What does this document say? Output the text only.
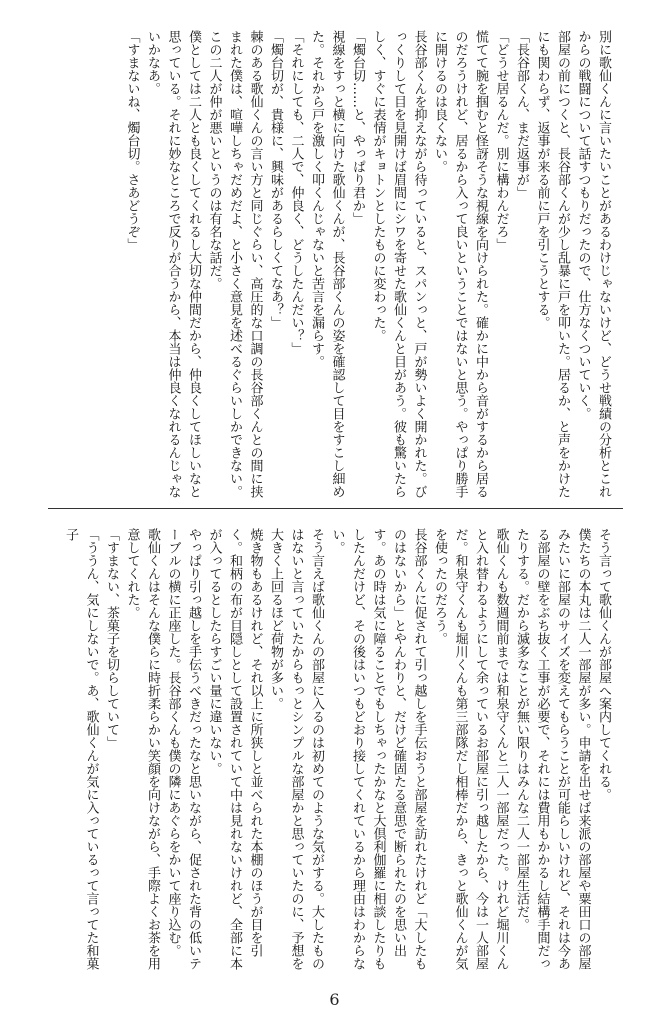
別に歌仙くんに言いたいことがあるわけじゃないけど、どうせ戦績の分析とこれからの戦闘について話すつもりだったので、仕方なくついていく。
部屋の前につくと、長谷部くんが少し乱暴に戸を叩いた。居るか、と声をかけたにも関わらず、返事が来る前に戸を引こうとする。
「長谷部くん、まだ返事が」
「どうせ居るんだ。別に構わんだろ」
慌てて腕を掴むと怪訝そうな視線を向けられた。確かに中から音がするから居るのだろうけれど、居るから入って良いということではないと思う。やっぱり勝手に開けるのは良くない。
長谷部くんを抑えながら待っていると、スパンっと、戸が勢いよく開かれた。びっくりして目を見開けば眉間にシワを寄せた歌仙くんと目があう。彼も驚いたらしく、すぐに表情がキョトンとしたものに変わった。
「燭台切……と、やっぱり君か」
視線をすっと横に向けた歌仙くんが、長谷部くんの姿を確認して目をすこし細めた。それから戸を激しく叩くんじゃないと苦言を漏らす。
「それにしても、二人で、仲良く、どうしたんだい？」
「燭台切が、貴様に、興味があるらしくてなあ？」
棘のある歌仙くんの言い方と同じぐらい、高圧的な口調の長谷部くんとの間に挟まれた僕は、喧嘩しちゃだめだよ、と小さく意見を述べるぐらいしかできない。
この二人が仲が悪いというのは有名な話だ。
僕としては二人とも良くしてくれるし大切な仲間だから、仲良くしてほしいなと思っている。それに妙なところで反りが合うから、本当は仲良くなれるんじゃないかなあ。
「すまないね、燭台切。さあどうぞ」
そう言って歌仙くんが部屋へ案内してくれる。
僕たちの本丸は二人一部屋が多い。申請を出せば来派の部屋や粟田口の部屋みたいに部屋のサイズを変えてもらうことが可能らしいけれど、それは今ある部屋の壁をぶち抜く工事が必要で、それには費用もかかるし結構手間だったりする。だから滅多なことが無い限りはみんな二人一部屋生活だ。
歌仙くんも数週間前までは和泉守くんと二人一部屋だった。けれど堀川くんと入れ替わるようにして余っているお部屋に引っ越したから、今は一人部屋だ。和泉守くんも堀川くんも第三部隊だし相棒だから、きっと歌仙くんが気を使ったのだろう。
長谷部くんに促されて引っ越しを手伝おうと部屋を訪れたけれど「大したものはないから」とやんわりと、だけど確固たる意思で断られたのを思い出す。あの時は気に障ることでもしちゃったかなと大倶利伽羅に相談したりもしたんだけど、その後はいつもどおり接してくれているから理由はわからない。
そう言えば歌仙くんの部屋に入るのは初めてのような気がする。大したものはないと言っていたからもっとシンプルな部屋かと思っていたのに、予想を大きく上回るほど荷物が多い。
焼き物もあるけれど、それ以上に所狭しと並べられた本棚のほうが目を引く。和柄の布が目隠しとして設置されていて中は見れないけれど、全部に本が入ってるとしたらすごい量に違いない。
やっぱり引っ越しを手伝うべきだったなと思いながら、促された背の低いテーブルの横に正座した。長谷部くんも僕の隣にあぐらをかいて座り込む。
歌仙くんはそんな僕らに時折柔らかい笑顔を向けながら、手際よくお茶を用意してくれた。
「すまない、茶菓子を切らしていて」
「ううん、気にしないで。あ、歌仙くんが気に入っているって言ってた和菓子
6
